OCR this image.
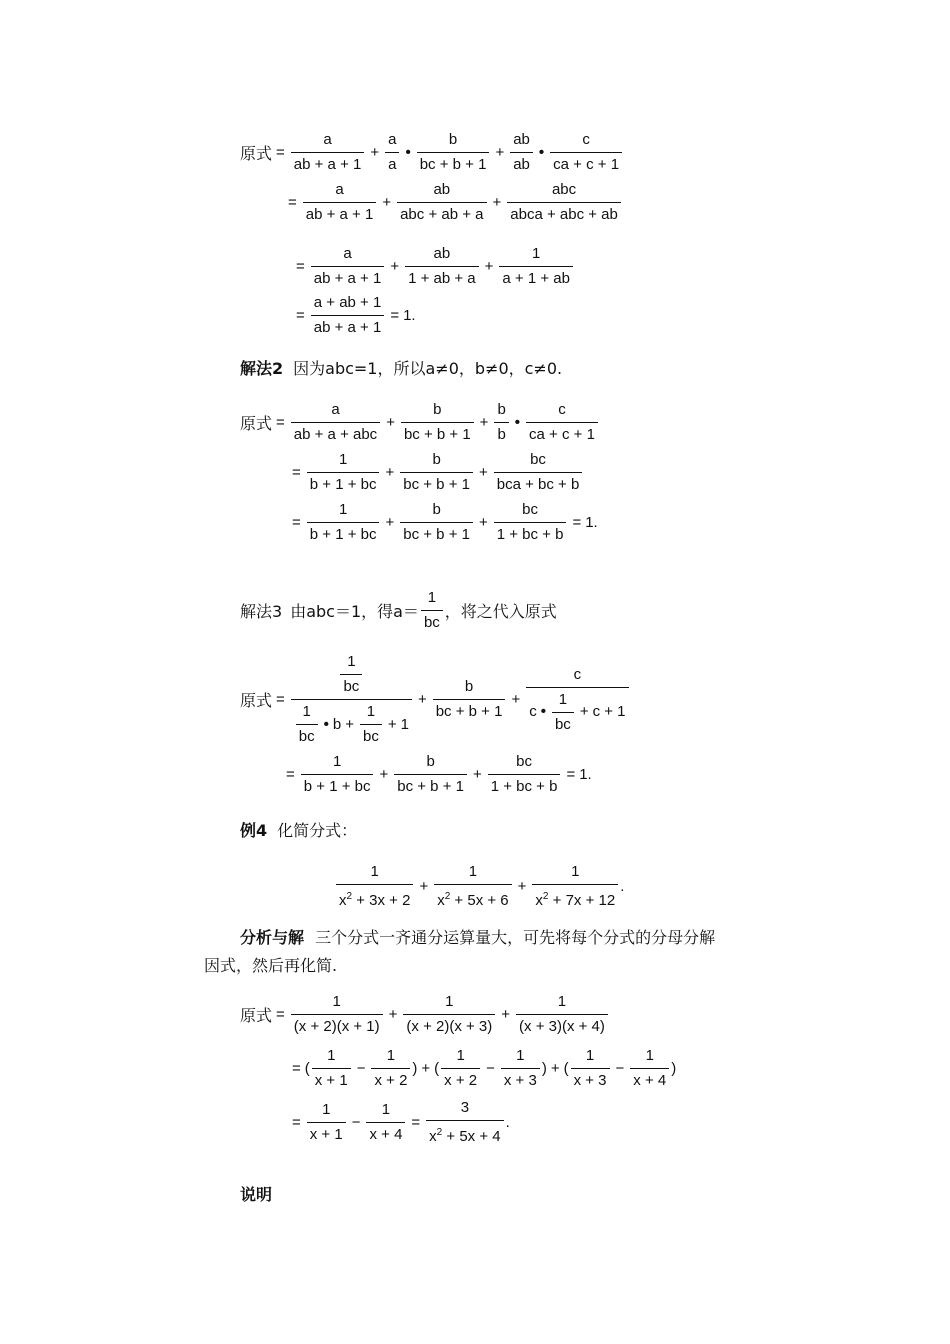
原式 = $\frac{a}{ab + a + 1} + \frac{a}{a}$ • $\frac{b}{bc + b + 1} + \frac{ab}{ab}$ • $\frac{c}{ca + c + 1}$
= $\frac{a}{ab + a + 1} + \frac{ab}{\text{abc + ab + a}} + \frac{\text{abc}}{\text{abca + abc + ab}}$
= $\frac{a}{ab + a + 1} + \frac{ab}{1 + ab + a} + \frac{1}{a + 1 + ab}$
= $\frac{a + ab + 1}{ab + a + 1} = 1$.
解法2 因为abc=1，所以a≠0，b≠0，c≠0.
原式 = $\frac{a}{\text{ab + a + abc}} + \frac{b}{bc + b + 1} + \frac{b}{b}$ • $\frac{c}{ca + c + 1}$
= $\frac{1}{b + 1 + bc} + \frac{b}{bc + b + 1} + \frac{bc}{\text{bca + bc + b}}$
= $\frac{1}{b + 1 + bc} + \frac{b}{bc + b + 1} + \frac{bc}{1 + bc + b} = 1$.
解法3 由abc＝1，得$a= \frac{1}{bc}$ ，将之代入原式
原式 = $\frac{\frac{1}{bc}}{\frac{1}{bc} • b + \frac{1}{bc} + 1} + \frac{b}{bc + b + 1} + \frac{c}{c • \frac{1}{bc} + c + 1}$
= $\frac{1}{b + 1 + bc} + \frac{b}{bc + b + 1} + \frac{bc}{1 + bc + b} = 1$.
例4 化简分式：
$\frac{1}{x^2 + 3x + 2} + \frac{1}{x^2 + 5x + 6} + \frac{1}{x^2 + 7x + 12}$ .
分析与解 三个分式一齐通分运算量大，可先将每个分式的分母分解
因式，然后再化简.
原式 = $\frac{1}{(x + 2)(x + 1)} + \frac{1}{(x + 2)(x + 3)} + \frac{1}{(x + 3)(x + 4)}$
= ( $\frac{1}{x + 1} - \frac{1}{x + 2}$ ) + ( $\frac{1}{x + 2} - \frac{1}{x + 3}$ ) + ( $\frac{1}{x + 3} - \frac{1}{x + 4}$ )
= $\frac{1}{x + 1} - \frac{1}{x + 4} = \frac{3}{x^2 + 5x + 4}$ .
说明
